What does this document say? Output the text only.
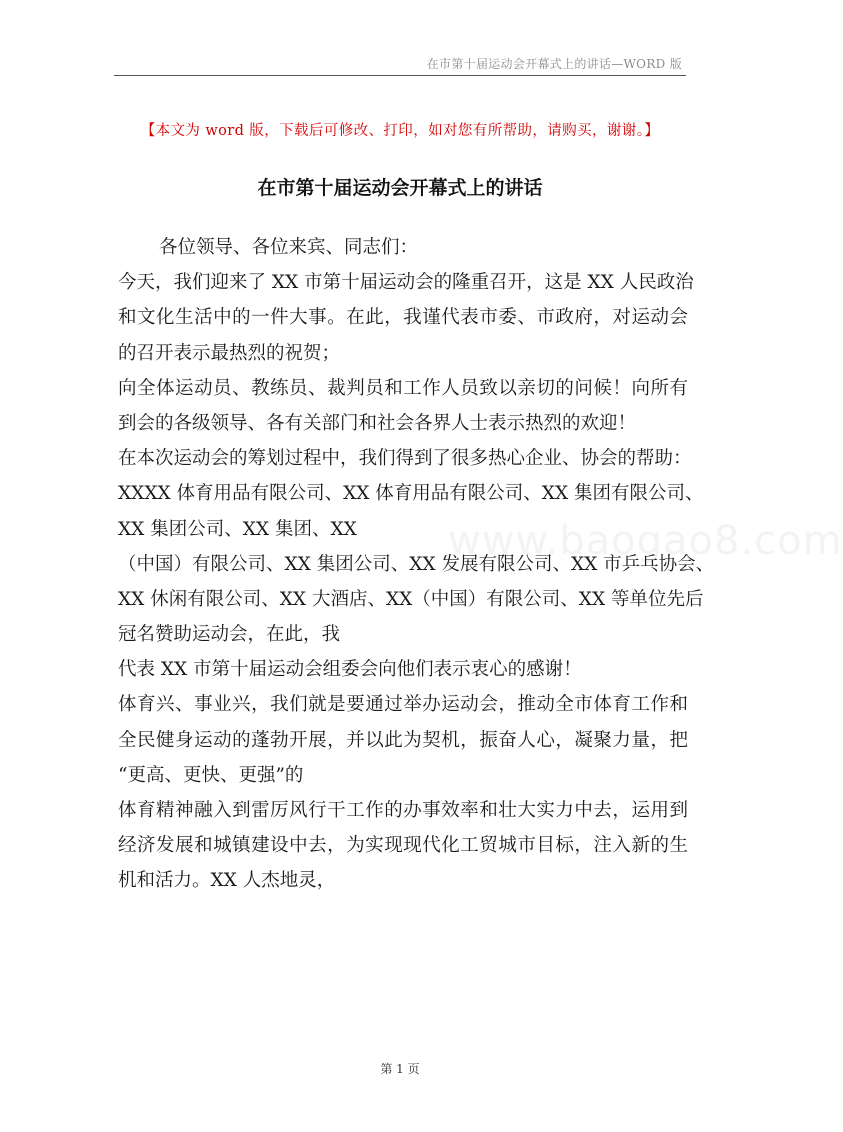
在市第十届运动会开幕式上的讲话—WORD 版
【本文为 word 版，下载后可修改、打印，如对您有所帮助，请购买，谢谢。】
在市第十届运动会开幕式上的讲话
www.baogao8.com
各位领导、各位来宾、同志们：
今天，我们迎来了 XX 市第十届运动会的隆重召开，这是 XX 人民政治
和文化生活中的一件大事。在此，我谨代表市委、市政府，对运动会
的召开表示最热烈的祝贺；
向全体运动员、教练员、裁判员和工作人员致以亲切的问候！向所有
到会的各级领导、各有关部门和社会各界人士表示热烈的欢迎！
在本次运动会的筹划过程中，我们得到了很多热心企业、协会的帮助：
XXXX 体育用品有限公司、XX 体育用品有限公司、XX 集团有限公司、
XX 集团公司、XX 集团、XX
（中国）有限公司、XX 集团公司、XX 发展有限公司、XX 市乒乓协会、
XX 休闲有限公司、XX 大酒店、XX（中国）有限公司、XX 等单位先后
冠名赞助运动会，在此，我
代表 XX 市第十届运动会组委会向他们表示衷心的感谢！
体育兴、事业兴，我们就是要通过举办运动会，推动全市体育工作和
全民健身运动的蓬勃开展，并以此为契机，振奋人心，凝聚力量，把
“更高、更快、更强”的
体育精神融入到雷厉风行干工作的办事效率和壮大实力中去，运用到
经济发展和城镇建设中去，为实现现代化工贸城市目标，注入新的生
机和活力。XX 人杰地灵，
第 1 页
